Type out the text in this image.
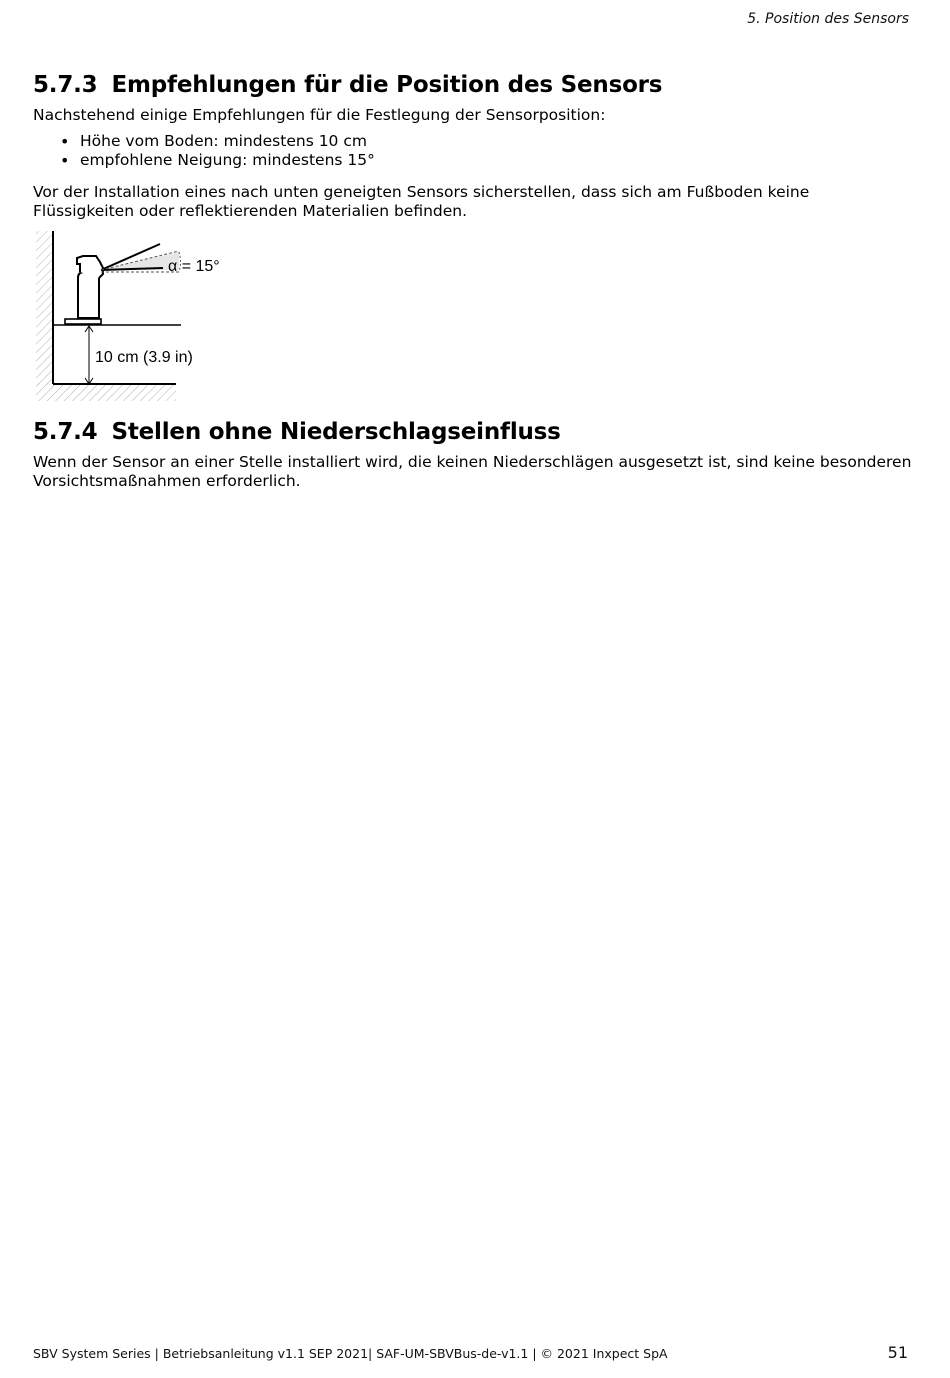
5. Position des Sensors
5.7.3 Empfehlungen für die Position des Sensors

Nachstehend einige Empfehlungen für die Festlegung der Sensorposition:

• Höhe vom Boden: mindestens 10 cm
• empfohlene Neigung: mindestens 15°

Vor der Installation eines nach unten geneigten Sensors sicherstellen, dass sich am Fußboden keine
Flüssigkeiten oder reflektierenden Materialien befinden.

α = 15°
10 cm (3.9 in)
5.7.4 Stellen ohne Niederschlagseinfluss

Wenn der Sensor an einer Stelle installiert wird, die keinen Niederschlägen ausgesetzt ist, sind keine besonderen
Vorsichtsmaßnahmen erforderlich.

SBV System Series | Betriebsanleitung v1.1 SEP 2021| SAF-UM-SBVBus-de-v1.1 | © 2021 Inxpect SpA	51
